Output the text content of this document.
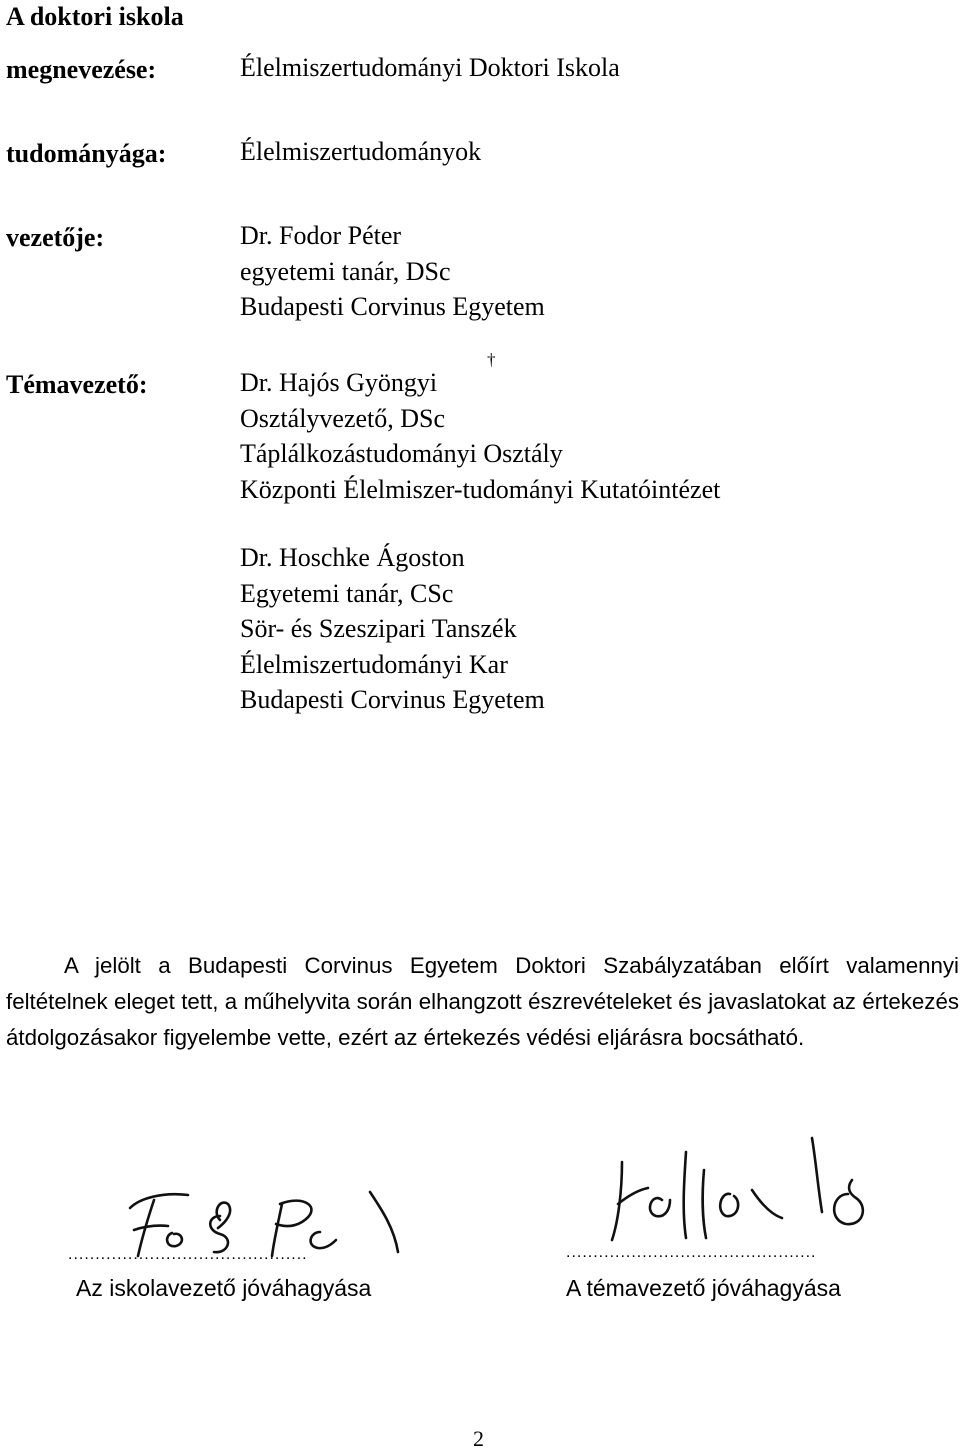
A doktori iskola
megnevezése:
tudományága:
vezetője:
Témavezető:
Élelmiszertudományi Doktori Iskola
Élelmiszertudományok
Dr. Fodor Péter
egyetemi tanár, DSc
Budapesti Corvinus Egyetem
Dr. Hajós Gyöngyi
Osztályvezető, DSc
Táplálkozástudományi Osztály
Központi Élelmiszer-tudományi Kutatóintézet
†
Dr. Hoschke Ágoston
Egyetemi tanár, CSc
Sör- és Szeszipari Tanszék
Élelmiszertudományi Kar
Budapesti Corvinus Egyetem
A jelölt a Budapesti Corvinus Egyetem Doktori Szabályzatában előírt valamennyi feltételnek eleget tett, a műhelyvita során elhangzott észrevételeket és javaslatokat az értekezés átdolgozásakor figyelembe vette, ezért az értekezés védési eljárásra bocsátható.
............................................
Az iskolavezető jóváhagyása
..............................................
A témavezető jóváhagyása
2
